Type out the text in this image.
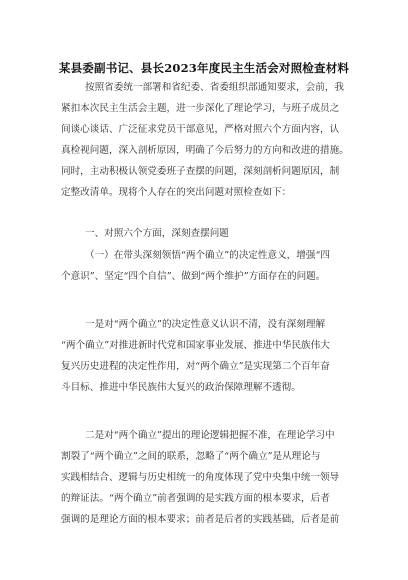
某县委副书记、县长2023年度民主生活会对照检查材料
按照省委统一部署和省纪委、省委组织部通知要求，会前，我
紧扣本次民主生活会主题，进一步深化了理论学习，与班子成员之
间谈心谈话、广泛征求党员干部意见，严格对照六个方面内容，认
真检视问题，深入剖析原因，明确了今后努力的方向和改进的措施。
同时，主动积极认领党委班子查摆的问题，深刻剖析问题原因，制
定整改清单。现将个人存在的突出问题对照检查如下：
一、对照六个方面，深刻查摆问题
（一）在带头深刻领悟“两个确立”的决定性意义，增强“四
个意识”、坚定“四个自信”、做到“两个维护”方面存在的问题。
一是对“两个确立”的决定性意义认识不清，没有深刻理解
“两个确立”对推进新时代党和国家事业发展、推进中华民族伟大
复兴历史进程的决定性作用，对“两个确立”是实现第二个百年奋
斗目标、推进中华民族伟大复兴的政治保障理解不透彻。
二是对“两个确立”提出的理论逻辑把握不准，在理论学习中
割裂了“两个确立”之间的联系，忽略了“两个确立”是从理论与
实践相结合、逻辑与历史相统一的角度体现了党中央集中统一领导
的辩证法。“两个确立”前者强调的是实践方面的根本要求，后者
强调的是理论方面的根本要求；前者是后者的实践基础，后者是前
